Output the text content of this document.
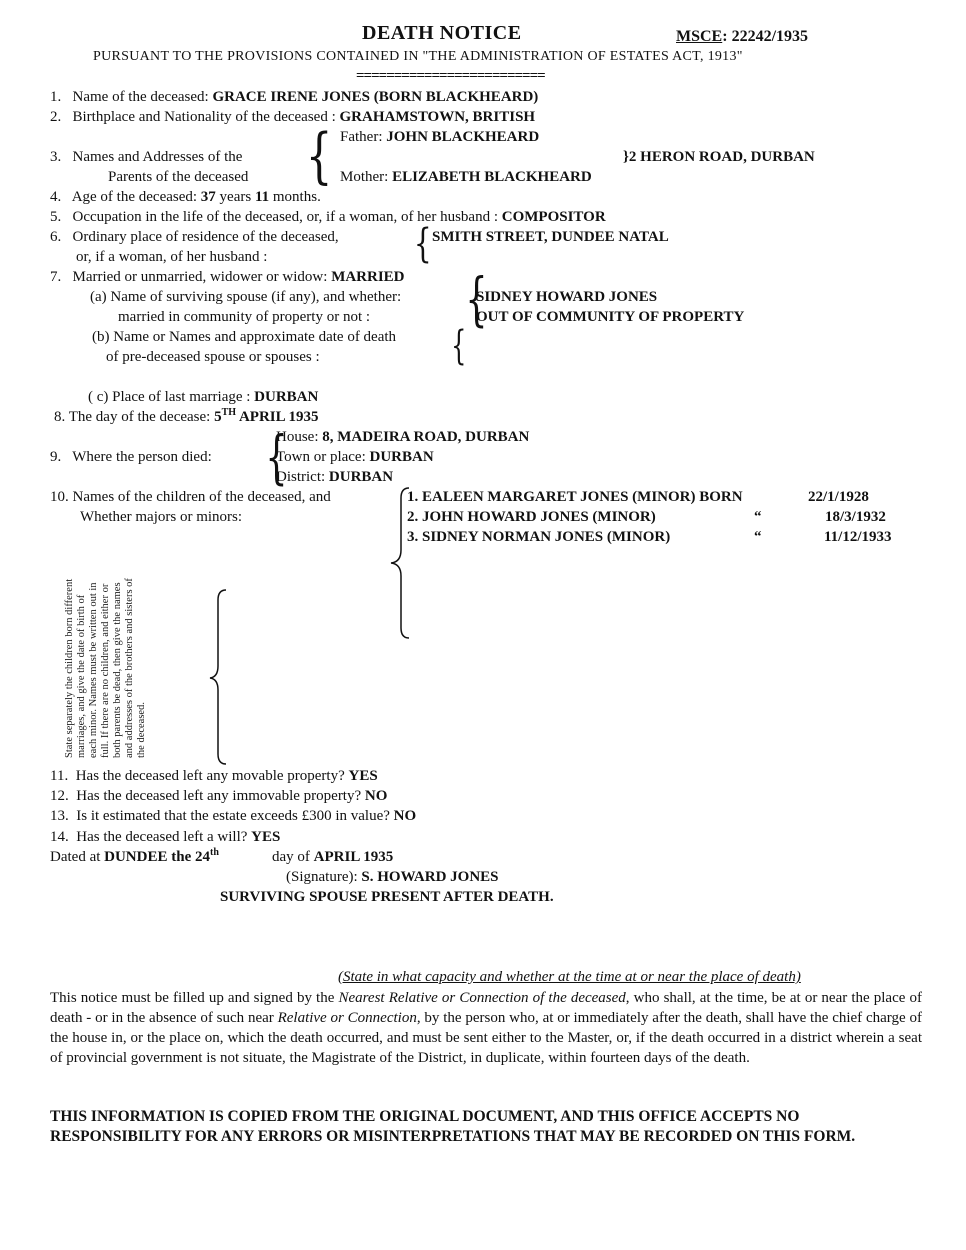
DEATH NOTICE	MSCE: 22242/1935
PURSUANT TO THE PROVISIONS CONTAINED IN "THE ADMINISTRATION OF ESTATES ACT, 1913"
=========================
1. Name of the deceased: GRACE IRENE JONES (BORN BLACKHEARD)
2. Birthplace and Nationality of the deceased : GRAHAMSTOWN, BRITISH
Father: JOHN BLACKHEARD
3. Names and Addresses of the
Parents of the deceased { Mother: ELIZABETH BLACKHEARD
}2 HERON ROAD, DURBAN
4. Age of the deceased: 37 years 11 months.
5. Occupation in the life of the deceased, or, if a woman, of her husband : COMPOSITOR
6. Ordinary place of residence of the deceased,
or, if a woman, of her husband :	{ SMITH STREET, DUNDEE NATAL
7. Married or unmarried, widower or widow: MARRIED
(a) Name of surviving spouse (if any), and whether:
married in community of property or not : {
SIDNEY HOWARD JONES
OUT OF COMMUNITY OF PROPERTY
(b) Name or Names and approximate date of death
of pre-deceased spouse or spouses :	{
( c) Place of last marriage : DURBAN
8. The day of the decease: 5TH APRIL 1935
House: 8, MADEIRA ROAD, DURBAN
9. Where the person died: {
Town or place: DURBAN
District: DURBAN
10. Names of the children of the deceased, and
Whether majors or minors:
1. EALEEN MARGARET JONES (MINOR) BORN	22/1/1928
2. JOHN HOWARD JONES (MINOR)	“	18/3/1932
3. SIDNEY NORMAN JONES (MINOR)	“	11/12/1933
State separately the children born different marriages, and give the date of birth of each minor. Names must be written out in full. If there are no children, and either or both parents be dead, then give the names and addresses of the brothers and sisters of the deceased.
11. Has the deceased left any movable property? YES
12. Has the deceased left any immovable property? NO
13. Is it estimated that the estate exceeds £300 in value? NO
14. Has the deceased left a will? YES
Dated at DUNDEE the 24th	day of APRIL 1935
(Signature): S. HOWARD JONES
SURVIVING SPOUSE PRESENT AFTER DEATH.
(State in what capacity and whether at the time at or near the place of death)
This notice must be filled up and signed by the Nearest Relative or Connection of the deceased, who shall, at the time, be at or near the place of death - or in the absence of such near Relative or Connection, by the person who, at or immediately after the death, shall have the chief charge of the house in, or the place on, which the death occurred, and must be sent either to the Master, or, if the death occurred in a district wherein a seat of provincial government is not situate, the Magistrate of the District, in duplicate, within fourteen days of the death.
THIS INFORMATION IS COPIED FROM THE ORIGINAL DOCUMENT, AND THIS OFFICE ACCEPTS NO RESPONSIBILITY FOR ANY ERRORS OR MISINTERPRETATIONS THAT MAY BE RECORDED ON THIS FORM.
